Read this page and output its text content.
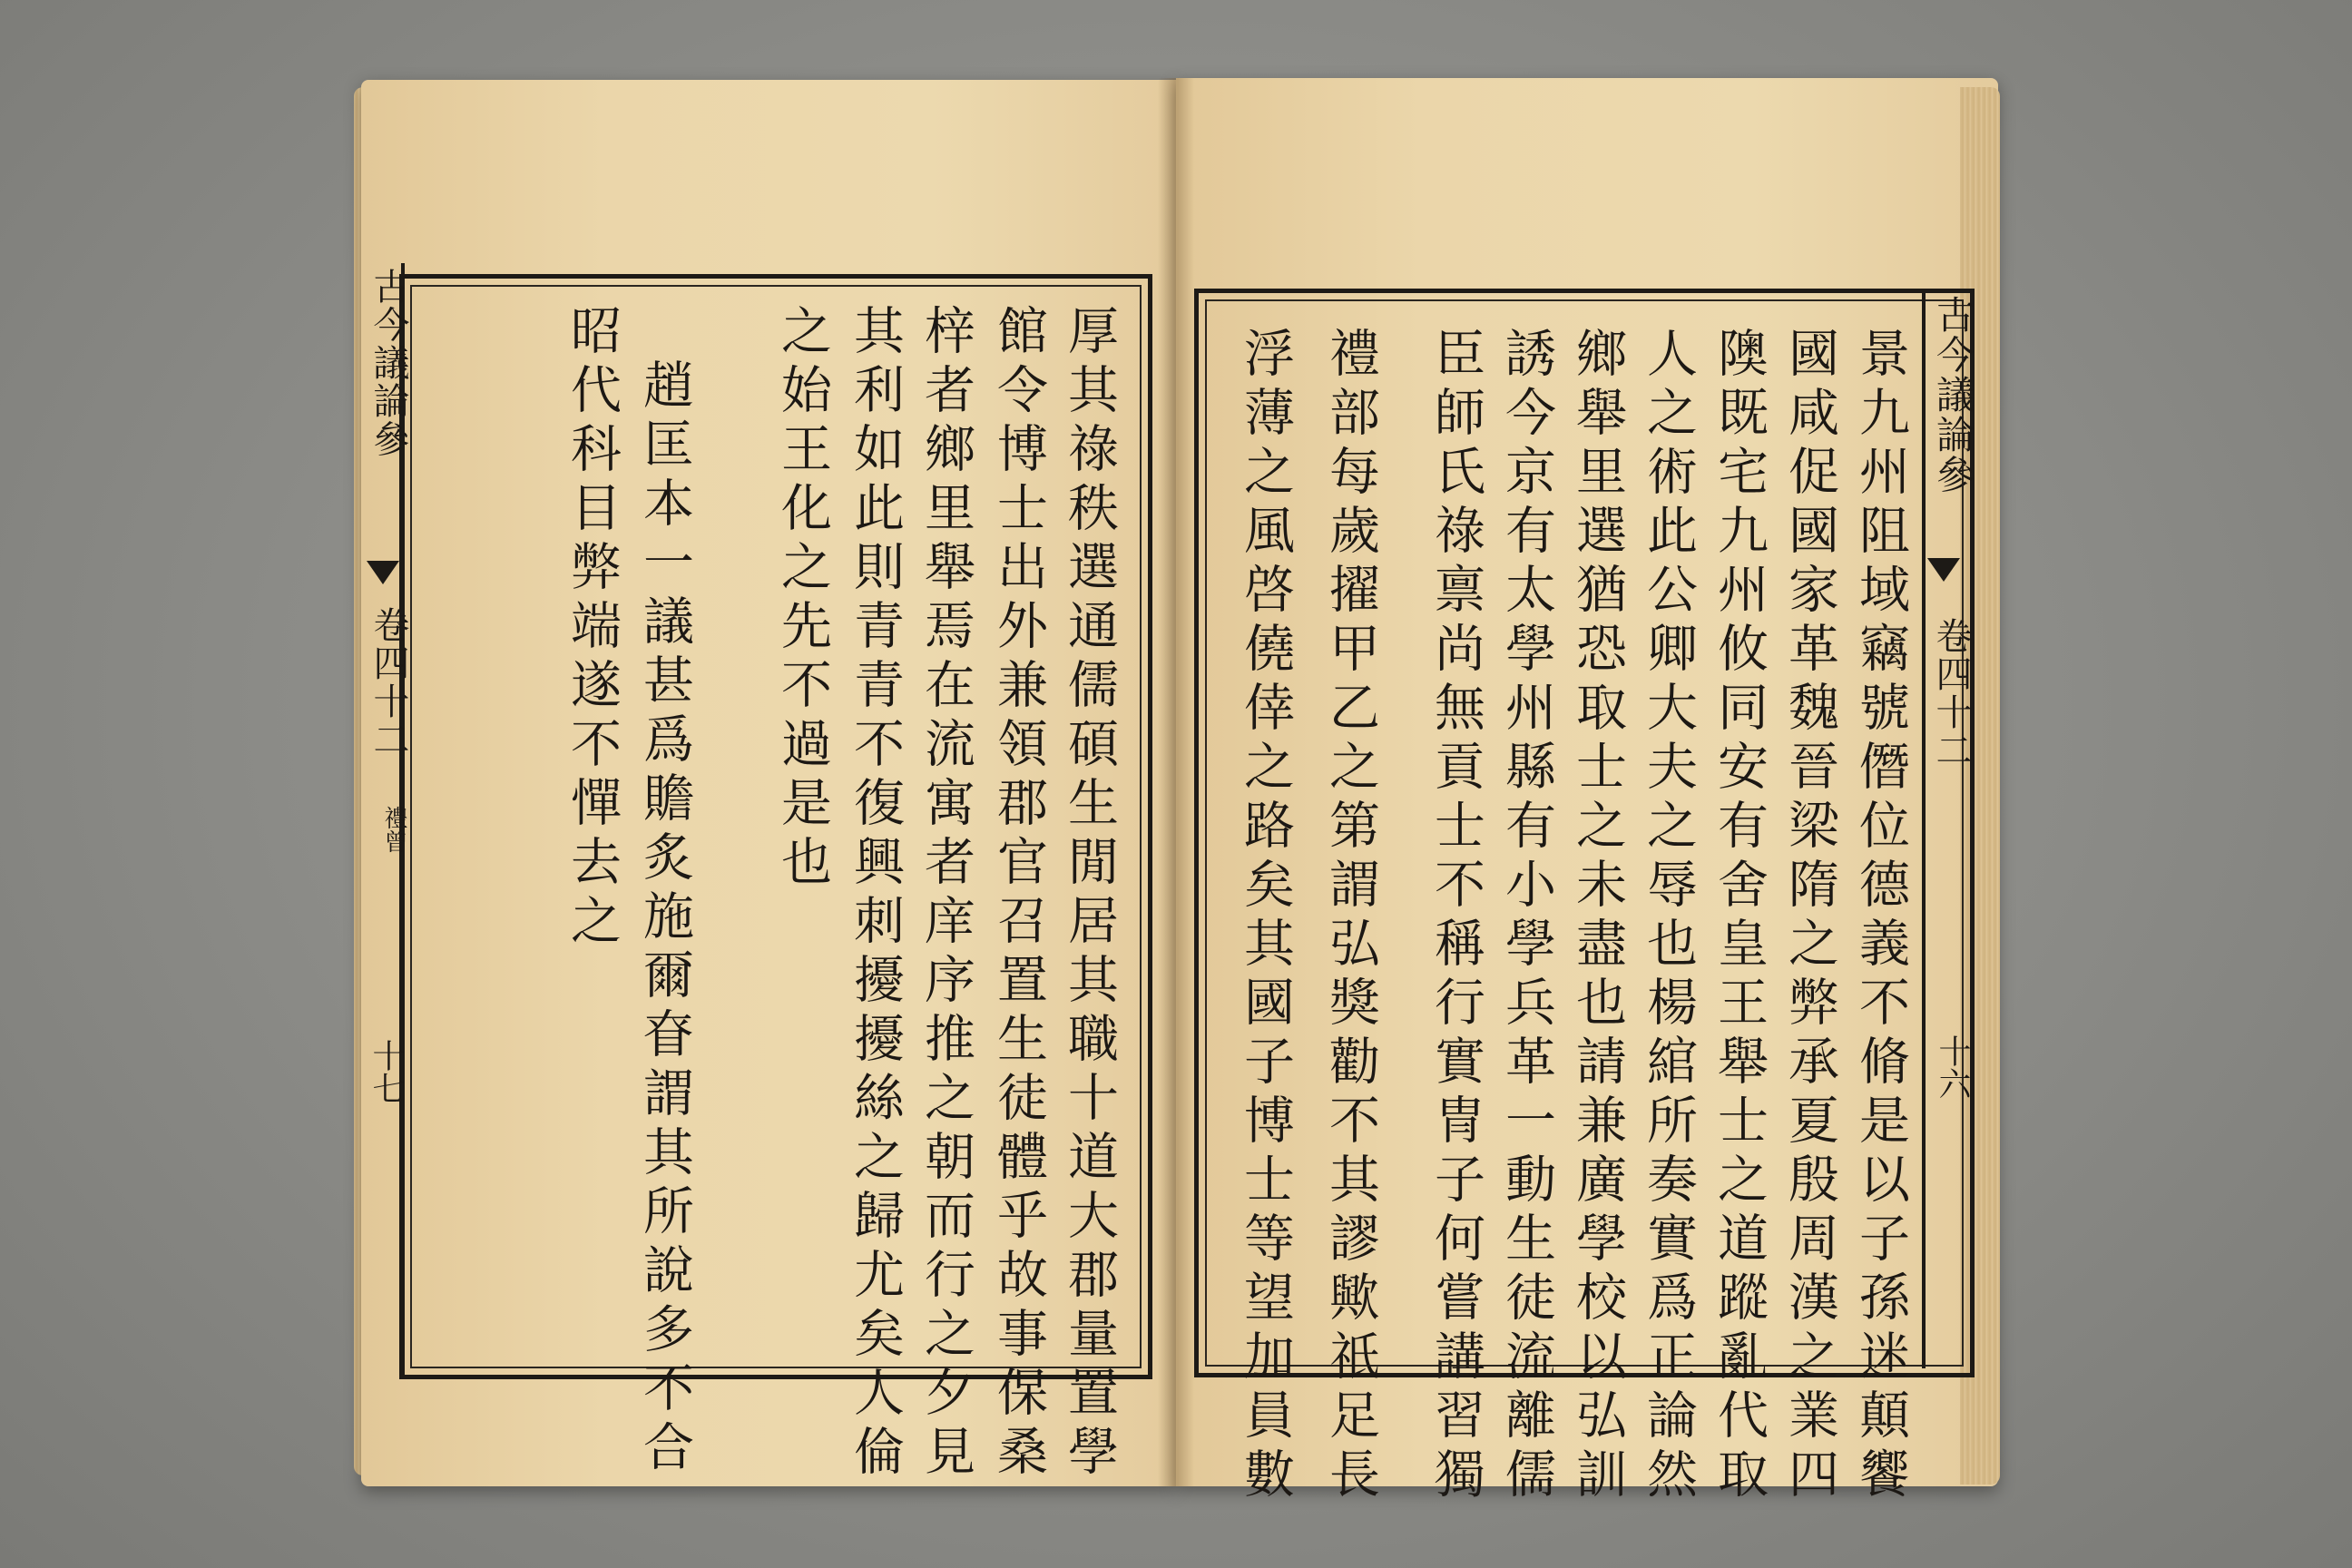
古今議論參
卷四十二
禮曾
十七	厚其祿秩選通儒碩生閒居其職十道大郡量置學
館令博士出外兼領郡官召置生徒體乎故事保桑
梓者鄉里舉焉在流寓者庠序推之朝而行之夕見
其利如此則青青不復興刺擾擾絲之歸尤矣人倫
之始王化之先不過是也
趙匡本一議甚爲贍炙施爾眘謂其所說多不合
昭代科目弊端遂不憚去之	古今議論參
卷四十二
十六
景九州阻域竊號僭位德義不脩是以子孫迷顛饗
國咸促國家革魏晉梁隋之弊承夏殷周漢之業四
隩既宅九州攸同安有舍皇王舉士之道蹤亂代取
人之術此公卿大夫之辱也楊綰所奏實爲正論然
鄉舉里選猶恐取士之未盡也請兼廣學校以弘訓
誘今京有太學州縣有小學兵革一動生徒流離儒
臣師氏祿禀尚無貢士不稱行實冑子何嘗講習獨
禮部每歲擢甲乙之第謂弘獎勸不其謬歟祇足長
浮薄之風啓僥倖之路矣其國子博士等望加員數
